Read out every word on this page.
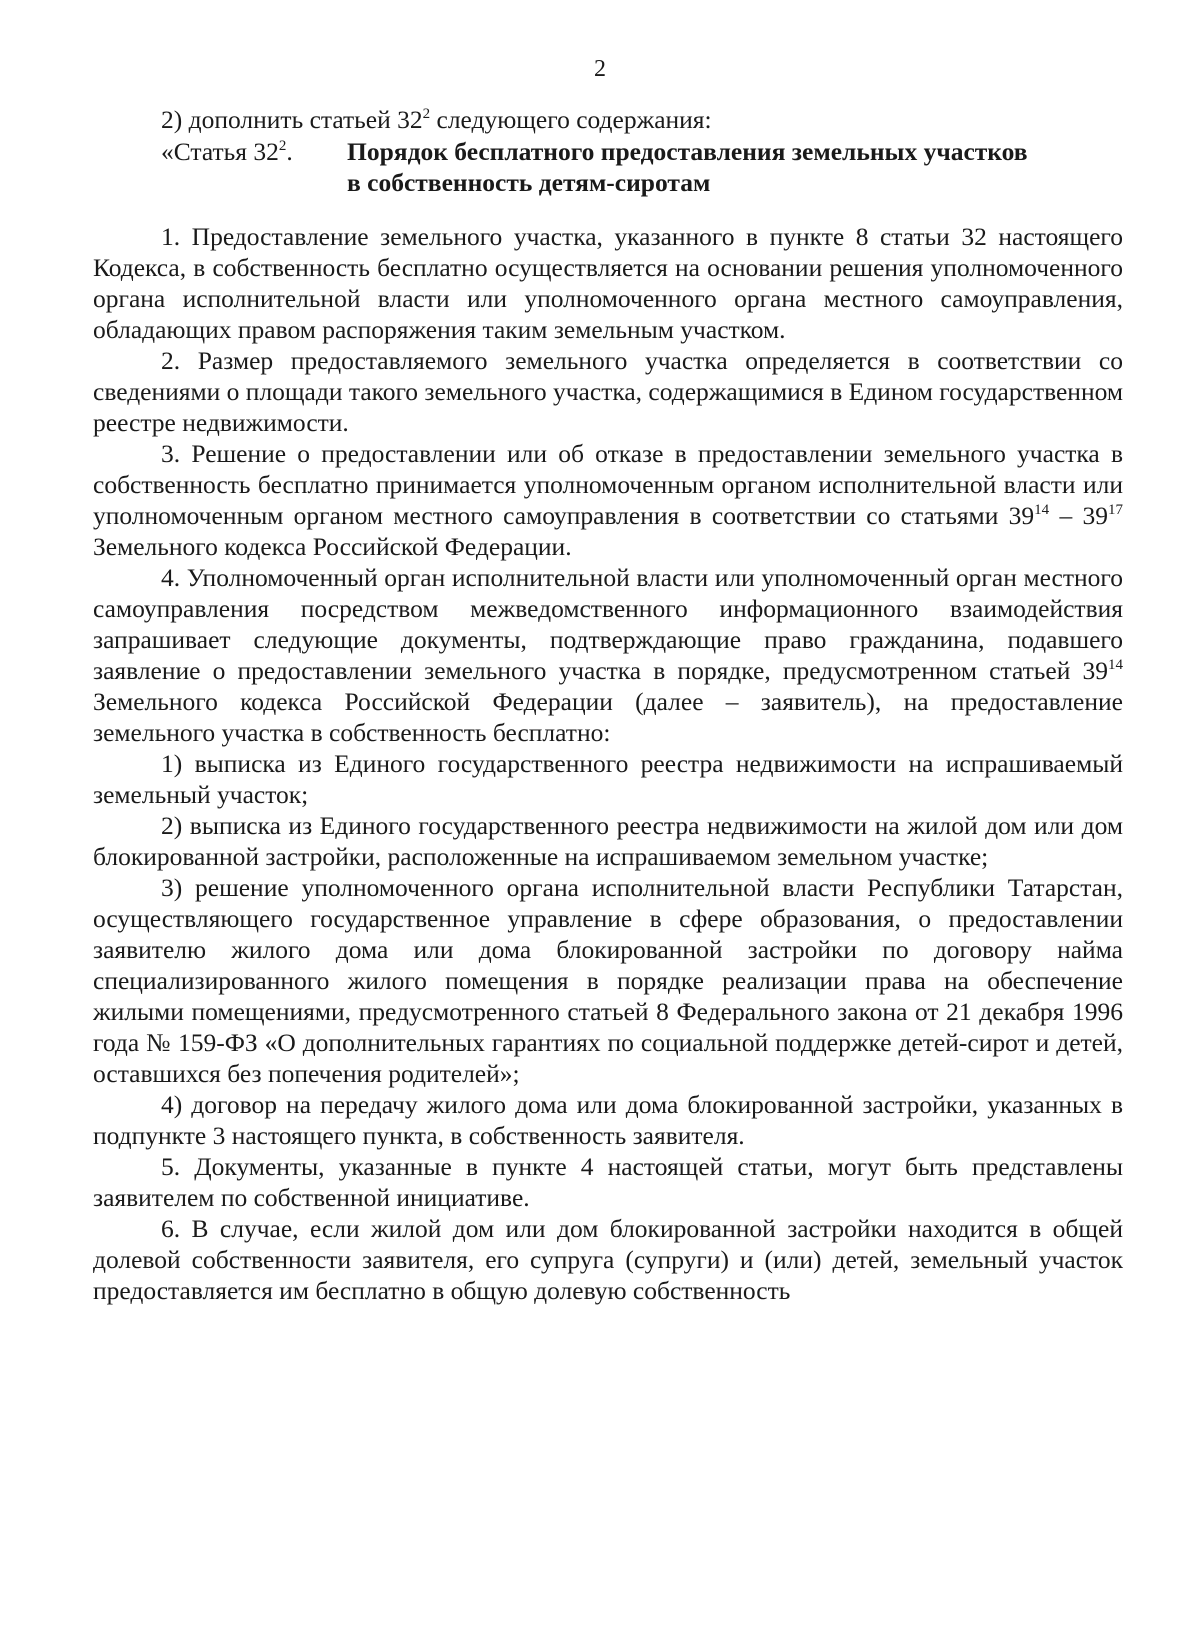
2

2) дополнить статьей $32^2$ следующего содержания:

«Статья $32^2$. Порядок бесплатного предоставления земельных участков
в собственность детям-сиротам

1. Предоставление земельного участка, указанного в пункте 8 статьи 32 настоящего Кодекса, в собственность бесплатно осуществляется на основании решения уполномоченного органа исполнительной власти или уполномоченного органа местного самоуправления, обладающих правом распоряжения таким земельным участком.

2. Размер предоставляемого земельного участка определяется в соответствии со сведениями о площади такого земельного участка, содержащимися в Едином государственном реестре недвижимости.

3. Решение о предоставлении или об отказе в предоставлении земельного участка в собственность бесплатно принимается уполномоченным органом исполнительной власти или уполномоченным органом местного самоуправления в соответствии со статьями $39^{14} - 39^{17}$ Земельного кодекса Российской Федерации.

4. Уполномоченный орган исполнительной власти или уполномоченный орган местного самоуправления посредством межведомственного информационного взаимодействия запрашивает следующие документы, подтверждающие право гражданина, подавшего заявление о предоставлении земельного участка в порядке, предусмотренном статьей $39^{14}$ Земельного кодекса Российской Федерации (далее – заявитель), на предоставление земельного участка в собственность бесплатно:

1) выписка из Единого государственного реестра недвижимости на испрашиваемый земельный участок;

2) выписка из Единого государственного реестра недвижимости на жилой дом или дом блокированной застройки, расположенные на испрашиваемом земельном участке;

3) решение уполномоченного органа исполнительной власти Республики Татарстан, осуществляющего государственное управление в сфере образования, о предоставлении заявителю жилого дома или дома блокированной застройки по договору найма специализированного жилого помещения в порядке реализации права на обеспечение жилыми помещениями, предусмотренного статьей 8 Федерального закона от 21 декабря 1996 года № 159-ФЗ «О дополнительных гарантиях по социальной поддержке детей-сирот и детей, оставшихся без попечения родителей»;

4) договор на передачу жилого дома или дома блокированной застройки, указанных в подпункте 3 настоящего пункта, в собственность заявителя.

5. Документы, указанные в пункте 4 настоящей статьи, могут быть представлены заявителем по собственной инициативе.

6. В случае, если жилой дом или дом блокированной застройки находится в общей долевой собственности заявителя, его супруга (супруги) и (или) детей, земельный участок предоставляется им бесплатно в общую долевую собственность
